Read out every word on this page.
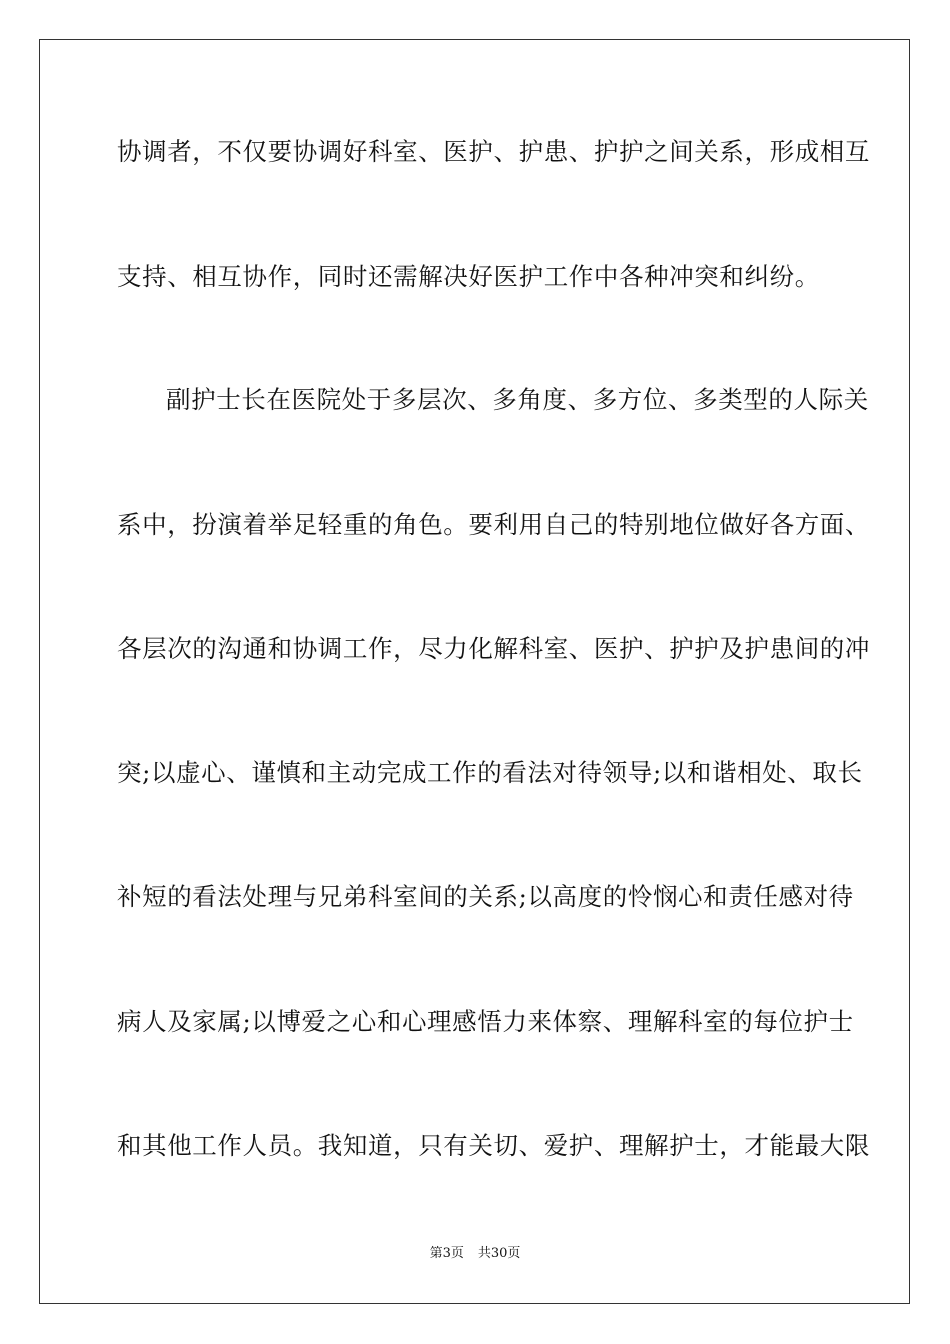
协调者，不仅要协调好科室、医护、护患、护护之间关系，形成相互
支持、相互协作，同时还需解决好医护工作中各种冲突和纠纷。
副护士长在医院处于多层次、多角度、多方位、多类型的人际关
系中，扮演着举足轻重的角色。要利用自己的特别地位做好各方面、
各层次的沟通和协调工作，尽力化解科室、医护、护护及护患间的冲
突;以虚心、谨慎和主动完成工作的看法对待领导;以和谐相处、取长
补短的看法处理与兄弟科室间的关系;以高度的怜悯心和责任感对待
病人及家属;以博爱之心和心理感悟力来体察、理解科室的每位护士
和其他工作人员。我知道，只有关切、爱护、理解护士，才能最大限
第3页 共30页
